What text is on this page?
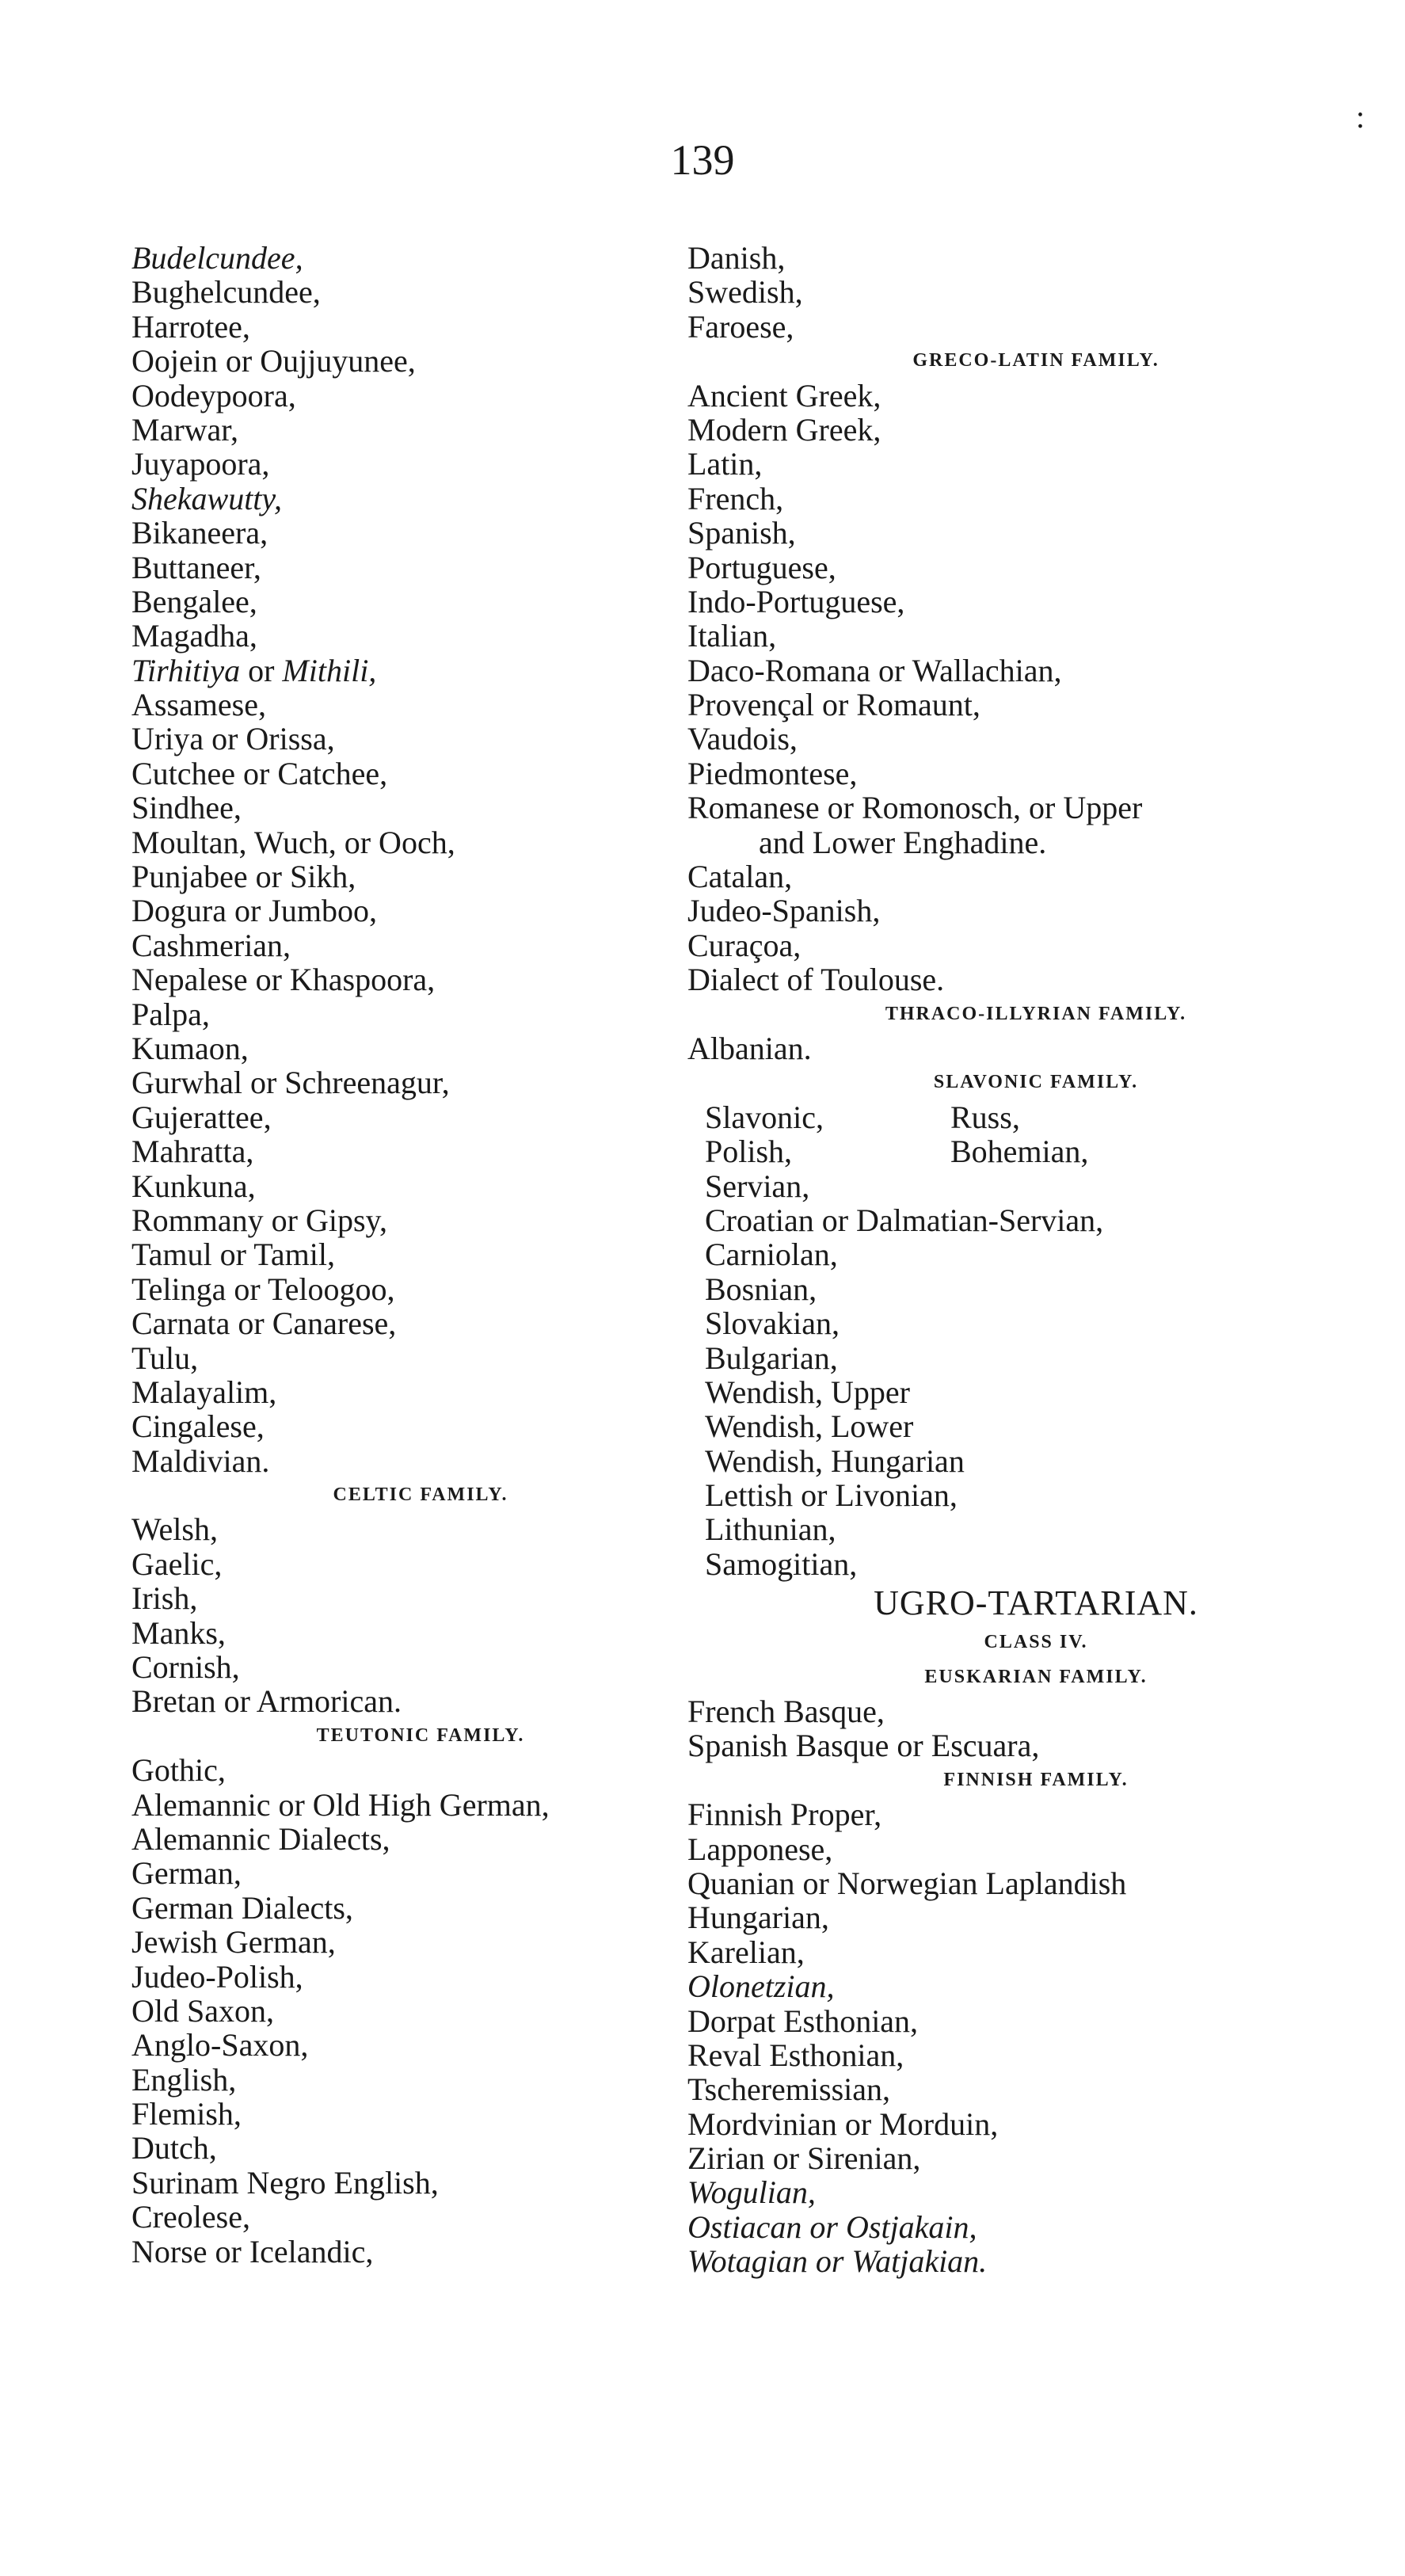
:
139
Budelcundee,
Bughelcundee,
Harrotee,
Oojein or Oujjuyunee,
Oodeypoora,
Marwar,
Juyapoora,
Shekawutty,
Bikaneera,
Buttaneer,
Bengalee,
Magadha,
Tirhitiya or Mithili,
Assamese,
Uriya or Orissa,
Cutchee or Catchee,
Sindhee,
Moultan, Wuch, or Ooch,
Punjabee or Sikh,
Dogura or Jumboo,
Cashmerian,
Nepalese or Khaspoora,
Palpa,
Kumaon,
Gurwhal or Schreenagur,
Gujerattee,
Mahratta,
Kunkuna,
Rommany or Gipsy,
Tamul or Tamil,
Telinga or Teloogoo,
Carnata or Canarese,
Tulu,
Malayalim,
Cingalese,
Maldivian.
CELTIC FAMILY.
Welsh,
Gaelic,
Irish,
Manks,
Cornish,
Bretan or Armorican.
TEUTONIC FAMILY.
Gothic,
Alemannic or Old High German,
Alemannic Dialects,
German,
German Dialects,
Jewish German,
Judeo-Polish,
Old Saxon,
Anglo-Saxon,
English,
Flemish,
Dutch,
Surinam Negro English,
Creolese,
Norse or Icelandic,
Danish,
Swedish,
Faroese,
GRECO-LATIN FAMILY.
Ancient Greek,
Modern Greek,
Latin,
French,
Spanish,
Portuguese,
Indo-Portuguese,
Italian,
Daco-Romana or Wallachian,
Provençal or Romaunt,
Vaudois,
Piedmontese,
Romanese or Romonosch, or Upper
and Lower Enghadine.
Catalan,
Judeo-Spanish,
Curaçoa,
Dialect of Toulouse.
THRACO-ILLYRIAN FAMILY.
Albanian.
SLAVONIC FAMILY.
Slavonic,	Russ,
Polish,	Bohemian,
Servian,
Croatian or Dalmatian-Servian,
Carniolan,
Bosnian,
Slovakian,
Bulgarian,
Wendish, Upper
Wendish, Lower
Wendish, Hungarian
Lettish or Livonian,
Lithunian,
Samogitian,
UGRO-TARTARIAN.
CLASS IV.
EUSKARIAN FAMILY.
French Basque,
Spanish Basque or Escuara,
FINNISH FAMILY.
Finnish Proper,
Lapponese,
Quanian or Norwegian Laplandish
Hungarian,
Karelian,
Olonetzian,
Dorpat Esthonian,
Reval Esthonian,
Tscheremissian,
Mordvinian or Morduin,
Zirian or Sirenian,
Wogulian,
Ostiacan or Ostjakain,
Wotagian or Watjakian.
